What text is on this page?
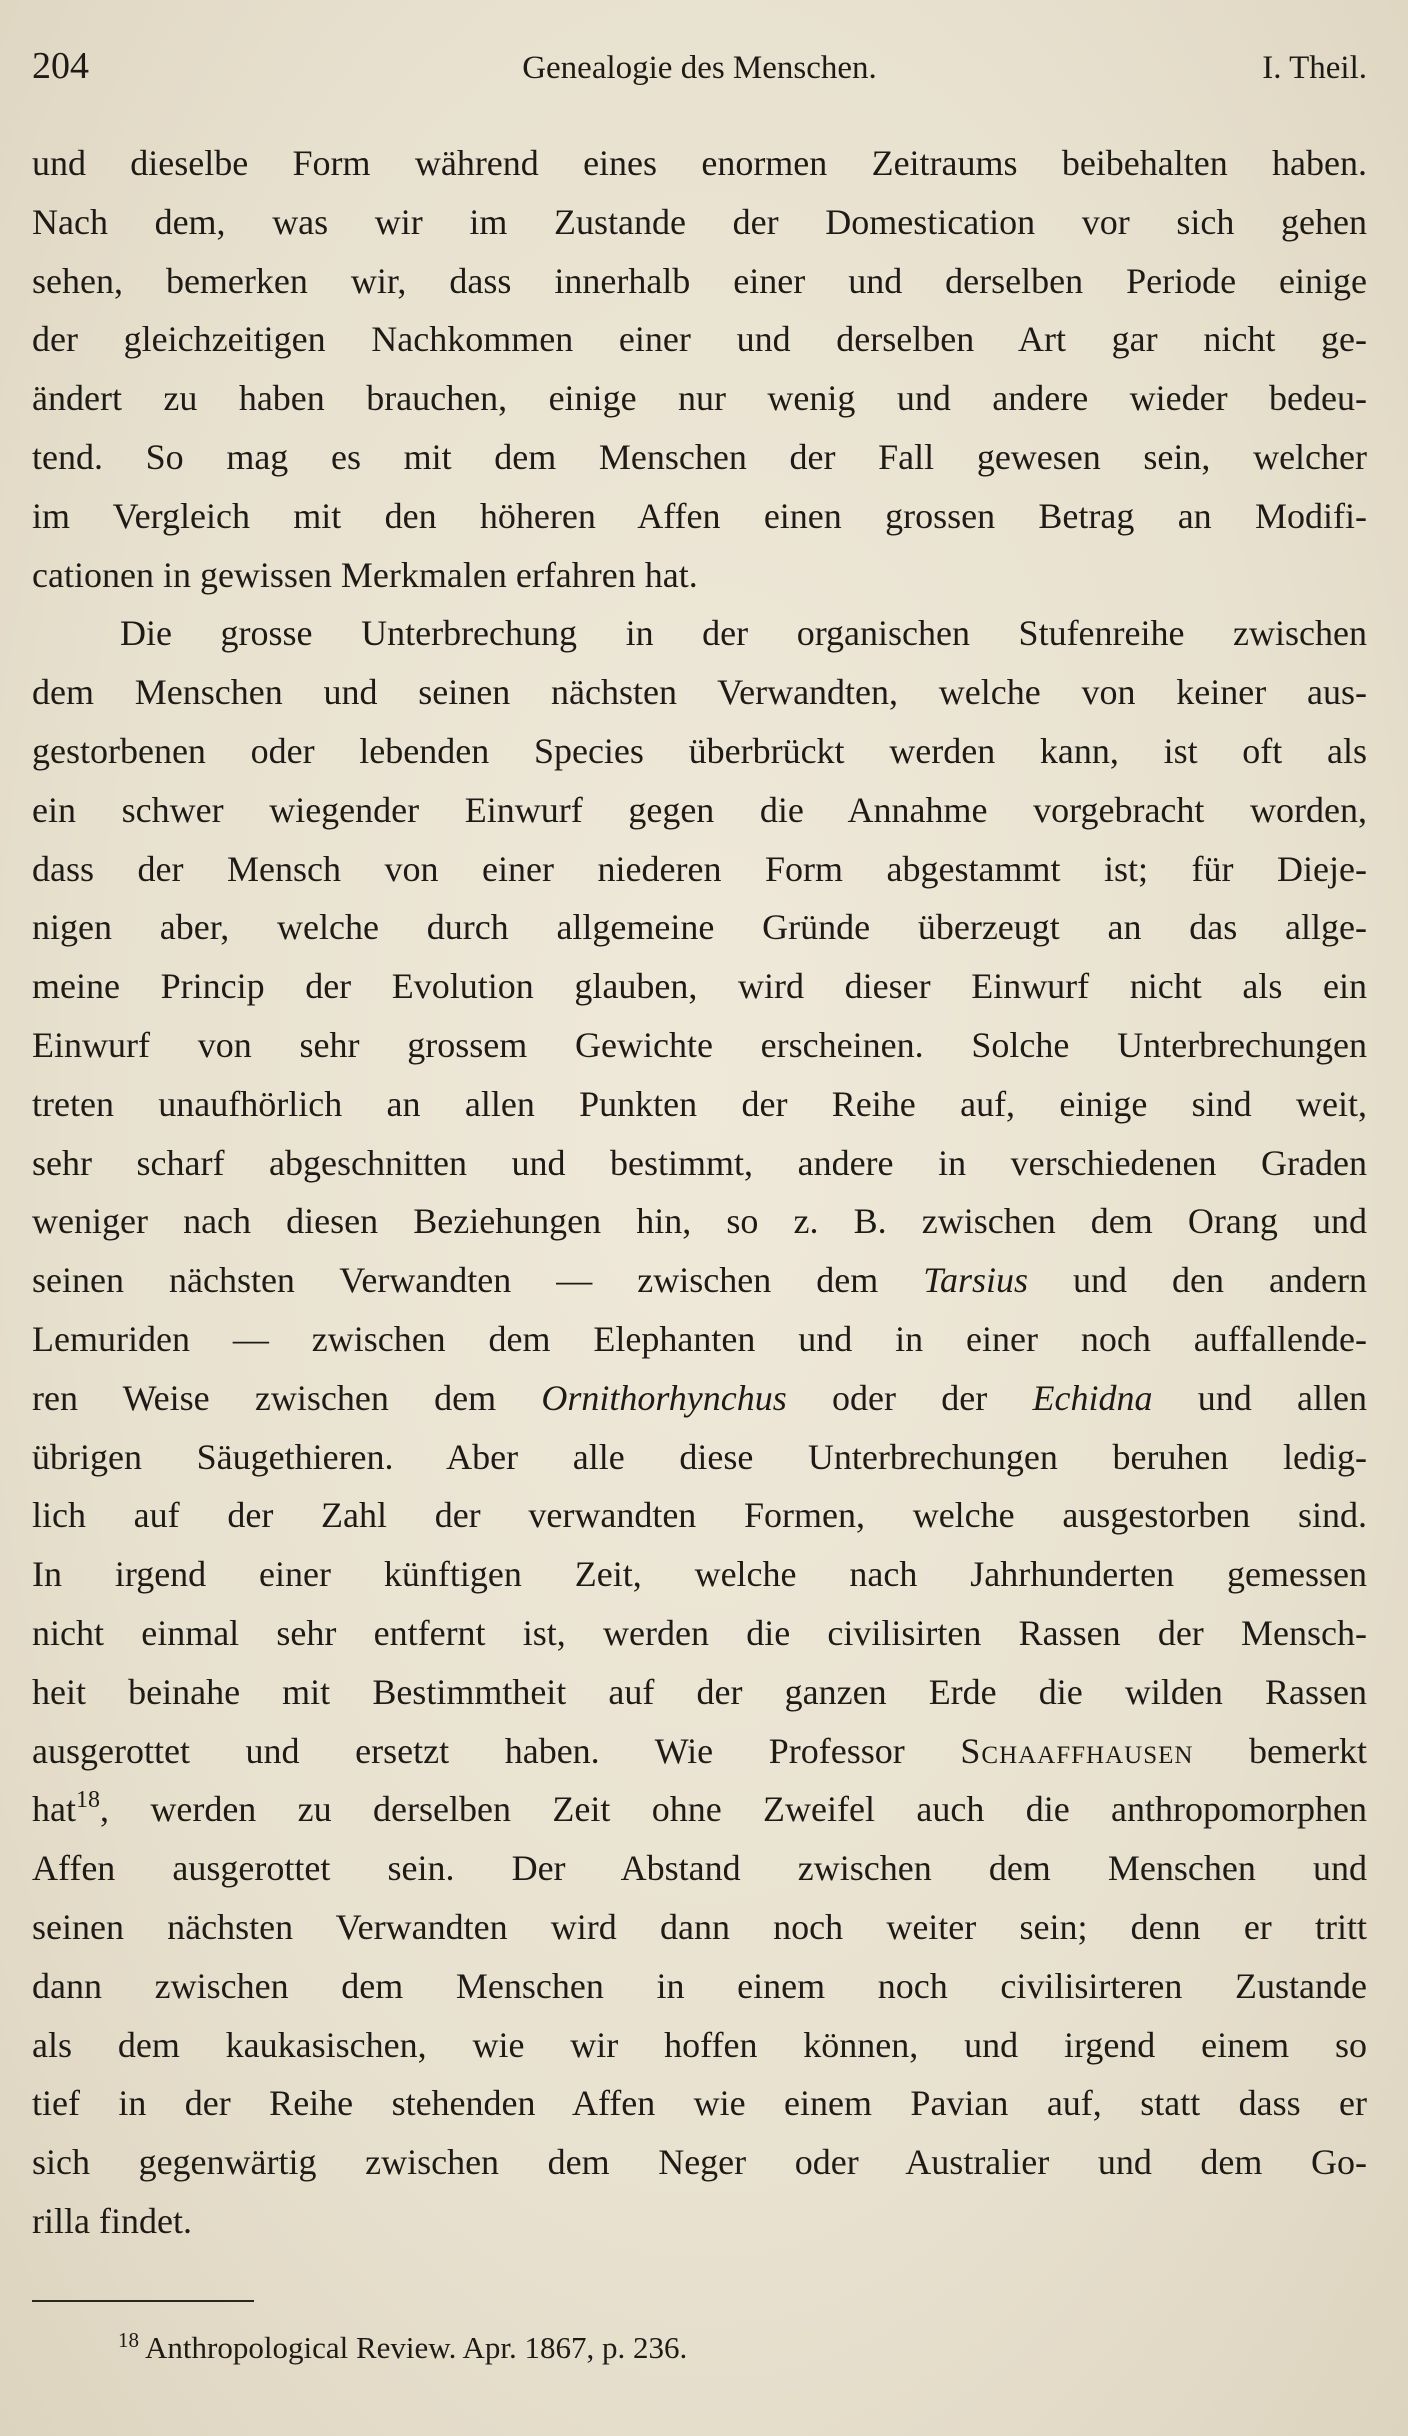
204	Genealogie des Menschen.	I. Theil.
und dieselbe Form während eines enormen Zeitraums beibehalten haben.
Nach dem, was wir im Zustande der Domestication vor sich gehen
sehen, bemerken wir, dass innerhalb einer und derselben Periode einige
der gleichzeitigen Nachkommen einer und derselben Art gar nicht ge-
ändert zu haben brauchen, einige nur wenig und andere wieder bedeu-
tend. So mag es mit dem Menschen der Fall gewesen sein, welcher
im Vergleich mit den höheren Affen einen grossen Betrag an Modifi-
cationen in gewissen Merkmalen erfahren hat.
Die grosse Unterbrechung in der organischen Stufenreihe zwischen
dem Menschen und seinen nächsten Verwandten, welche von keiner aus-
gestorbenen oder lebenden Species überbrückt werden kann, ist oft als
ein schwer wiegender Einwurf gegen die Annahme vorgebracht worden,
dass der Mensch von einer niederen Form abgestammt ist; für Dieje-
nigen aber, welche durch allgemeine Gründe überzeugt an das allge-
meine Princip der Evolution glauben, wird dieser Einwurf nicht als ein
Einwurf von sehr grossem Gewichte erscheinen. Solche Unterbrechungen
treten unaufhörlich an allen Punkten der Reihe auf, einige sind weit,
sehr scharf abgeschnitten und bestimmt, andere in verschiedenen Graden
weniger nach diesen Beziehungen hin, so z. B. zwischen dem Orang und
seinen nächsten Verwandten — zwischen dem Tarsius und den andern
Lemuriden — zwischen dem Elephanten und in einer noch auffallende-
ren Weise zwischen dem Ornithorhynchus oder der Echidna und allen
übrigen Säugethieren. Aber alle diese Unterbrechungen beruhen ledig-
lich auf der Zahl der verwandten Formen, welche ausgestorben sind.
In irgend einer künftigen Zeit, welche nach Jahrhunderten gemessen
nicht einmal sehr entfernt ist, werden die civilisirten Rassen der Mensch-
heit beinahe mit Bestimmtheit auf der ganzen Erde die wilden Rassen
ausgerottet und ersetzt haben. Wie Professor Schaaffhausen bemerkt
hat$^{18}$, werden zu derselben Zeit ohne Zweifel auch die anthropomorphen
Affen ausgerottet sein. Der Abstand zwischen dem Menschen und
seinen nächsten Verwandten wird dann noch weiter sein; denn er tritt
dann zwischen dem Menschen in einem noch civilisirteren Zustande
als dem kaukasischen, wie wir hoffen können, und irgend einem so
tief in der Reihe stehenden Affen wie einem Pavian auf, statt dass er
sich gegenwärtig zwischen dem Neger oder Australier und dem Go-
rilla findet.
$^{18}$ Anthropological Review. Apr. 1867, p. 236.
